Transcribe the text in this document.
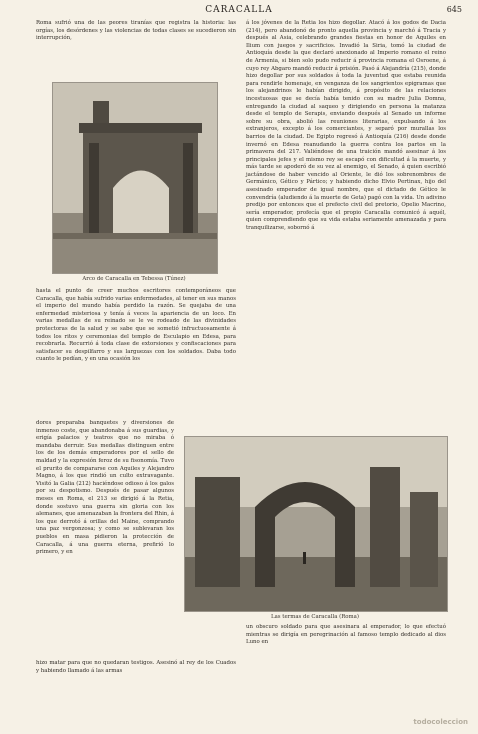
CARACALLA	645

Roma sufrió una de las peores tiranías que registra la historia: las orgías, los desórdenes y las violencias de todas clases se sucedieron sin interrupción,

Arco de Caracalla en Tebessa (Túnez)

hasta el punto de creer muchos escritores contemporáneos que Caracalla, que había sufrido varias enfermedades, al tener en sus manos el imperio del mundo había perdido la razón. Se quejaba de una enfermedad misteriosa y tenía á veces la apariencia de un loco. En varias medallas de su reinado se le ve rodeado de las divinidades protectoras de la salud y se sabe que se sometió infructuosamente á todos los ritos y ceremonias del templo de Esculapio en Edesa, para recobrarla. Recurrió á toda clase de extorsiones y confiscaciones para satisfacer su despilfarro y sus larguezas con los soldados. Daba todo cuanto le pedían, y en una ocasión los

dores preparaba banquetes y diversiones de inmenso coste, que abandonaba á sus guardias, y erigía palacios y teatros que no miraba ó mandaba derruir. Sus medallas distinguen entre los de los demás emperadores por el sello de maldad y la expresión feroz de su fisonomía. Tuvo el prurito de compararse con Aquiles y Alejandro Magno, á los que rindió un culto extravagante. Visitó la Galia (212) haciéndose odioso á los galos por su despotismo. Después de pasar algunos meses en Roma, el 213 se dirigió á la Retia, donde sostuvo una guerra sin gloria con los alemanes, que amenazaban la frontera del Rhin, á los que derrotó á orillas del Maine, comprando una paz vergonzosa; y como se sublevaran los pueblos en masa pidieron la protección de Caracalla, á una guerra eterna, prefirió lo primero, y en

hizo matar para que no quedaran testigos. Asesinó al rey de los Cuados y habiendo llamado á las armas

á los jóvenes de la Retia los hizo degollar. Atacó á los godos de Dacia (214), pero abandonó de pronto aquella provincia y marchó á Tracia y después al Asia, celebrando grandes fiestas en honor de Aquiles en Ilium con juegos y sacrificios. Invadió la Siria, tomó la ciudad de Antioquía desde la que declaró anexionado al Imperio romano el reino de Armenia, si bien solo pudo reducir á provincia romana el Osroene, á cuyo rey Abgaro mandó reducir á prisión. Pasó á Alejandría (215), donde hizo degollar por sus soldados á toda la juventud que estaba reunida para rendirle homenaje, en venganza de los sangrientos epigramas que los alejandrinos le habían dirigido, á propósito de las relaciones incestuosas que se decía había tenido con su madre Julia Domna, entregando la ciudad al saqueo y dirigiendo en persona la matanza desde el templo de Serapis, enviando después al Senado un informe sobre su obra, abolió las reuniones literarias, expulsando á los extranjeros, excepto á los comerciantes, y separó por murallas los barrios de la ciudad. De Egipto regresó á Antioquía (216) desde donde invernó en Edesa reanudando la guerra contra los partos en la primavera del 217. Valiéndose de una traición mandó asesinar á los principales jefes y el mismo rey se escapó con dificultad á la muerte, y más tarde se apoderó de su vez al enemigo, el Senado, á quien escribió jactándose de haber vencido al Oriente, le dió los sobrenombres de Germánico, Gético y Pártico; y habiendo dicho Elvio Pertinax, hijo del asesinado emperador de igual nombre, que el dictado de Gético le convendría (aludiendo á la muerte de Geta) pagó con la vida. Un adivino predijo por entonces que el prefecto civil del pretorio, Opelio Macrino, sería emperador, profecía que el propio Caracalla comunicó á aquél, quien comprendiendo que su vida estaba seriamente amenazada y para tranquilizarse, sobornó á

Las termas de Caracalla (Roma)

un obscuro soldado para que asesinara al emperador, lo que efectuó mientras se dirigía en peregrinación al famoso templo dedicado al dios Luno en

todocoleccion
